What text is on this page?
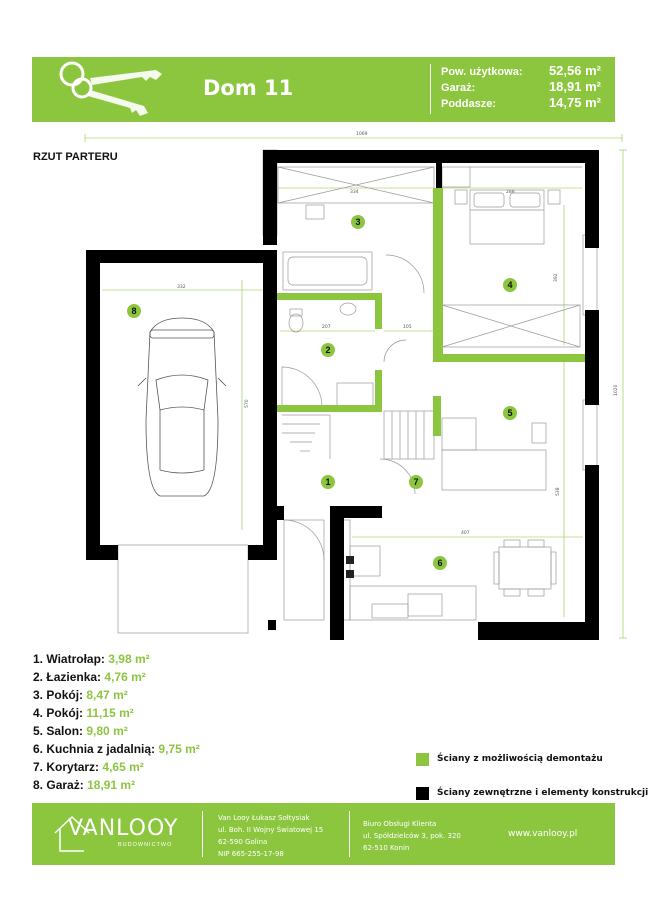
Dom 11
Pow. użytkowa: 52,56 m²
Garaż:	18,91 m²
Poddasze:	14,75 m²
RZUT PARTERU
1069
1020
334	288
392
332
570
207	105
407
538
1
2
3
4
5
6
7
8
1. Wiatrołap: 3,98 m²
2. Łazienka: 4,76 m²
3. Pokój: 8,47 m²
4. Pokój: 11,15 m²
5. Salon: 9,80 m²
6. Kuchnia z jadalnią: 9,75 m²
7. Korytarz: 4,65 m²
8. Garaż: 18,91 m²
Ściany z możliwością demontażu
Ściany zewnętrzne i elementy konstrukcji
VANLOOY
BUDOWNICTWO
Van Looy Łukasz Sołtysiak
ul. Boh. II Wojny Światowej 15
62-590 Golina
NIP 665-255-17-98
Biuro Obsługi Klienta
ul. Spółdzielców 3, pok. 320
62-510 Konin
www.vanlooy.pl
